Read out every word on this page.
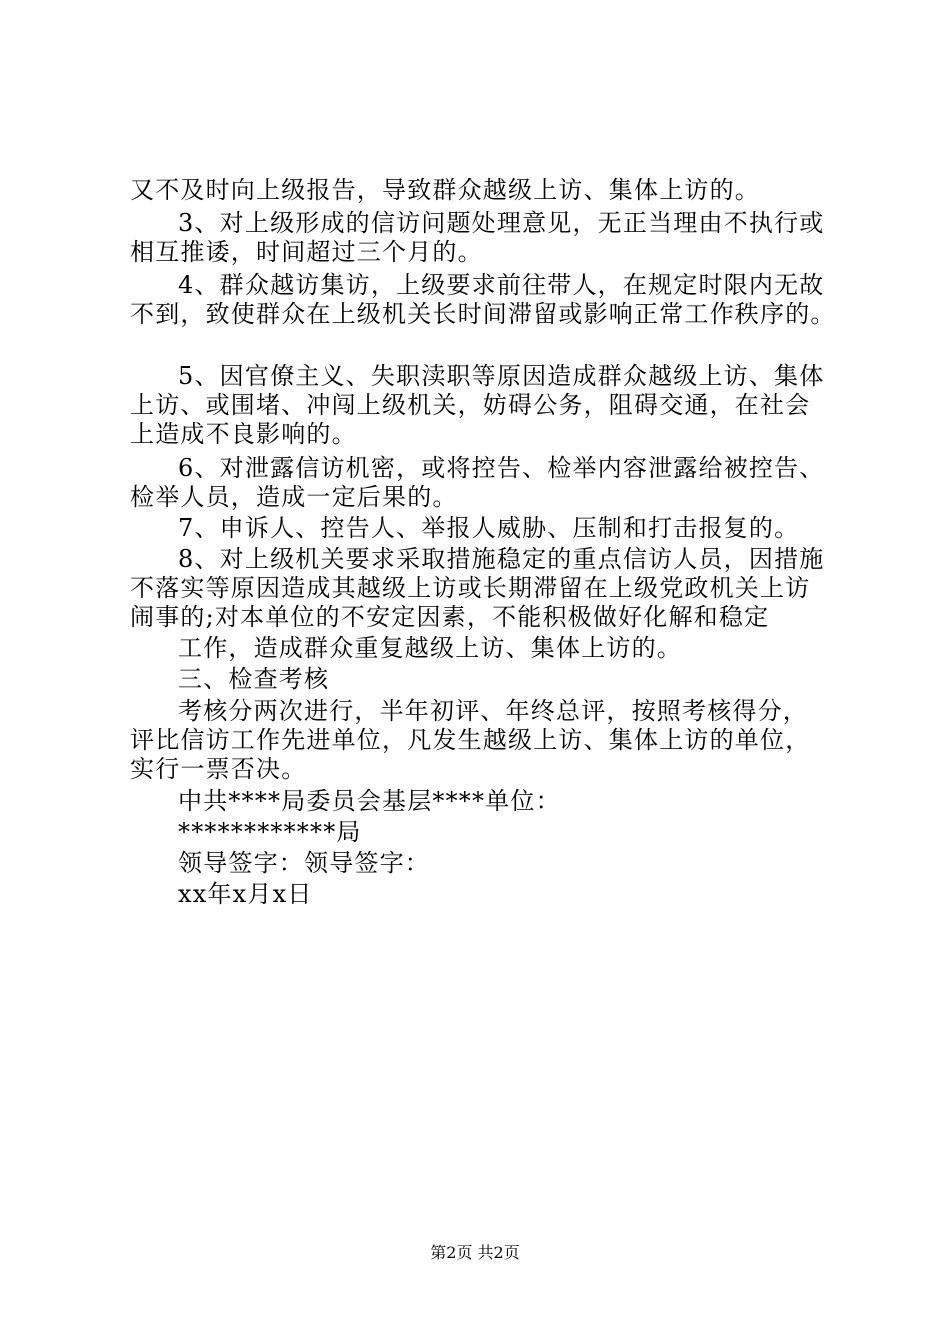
又不及时向上级报告，导致群众越级上访、集体上访的。
3、对上级形成的信访问题处理意见，无正当理由不执行或
相互推诿，时间超过三个月的。
4、群众越访集访，上级要求前往带人，在规定时限内无故
不到，致使群众在上级机关长时间滞留或影响正常工作秩序的。
5、因官僚主义、失职渎职等原因造成群众越级上访、集体
上访、或围堵、冲闯上级机关，妨碍公务，阻碍交通，在社会
上造成不良影响的。
6、对泄露信访机密，或将控告、检举内容泄露给被控告、
检举人员，造成一定后果的。
7、申诉人、控告人、举报人威胁、压制和打击报复的。
8、对上级机关要求采取措施稳定的重点信访人员，因措施
不落实等原因造成其越级上访或长期滞留在上级党政机关上访
闹事的;对本单位的不安定因素，不能积极做好化解和稳定
工作，造成群众重复越级上访、集体上访的。
三、检查考核
考核分两次进行，半年初评、年终总评，按照考核得分，
评比信访工作先进单位，凡发生越级上访、集体上访的单位，
实行一票否决。
中共****局委员会基层****单位：
************局
领导签字：领导签字：
xx年x月x日
第2页 共2页
